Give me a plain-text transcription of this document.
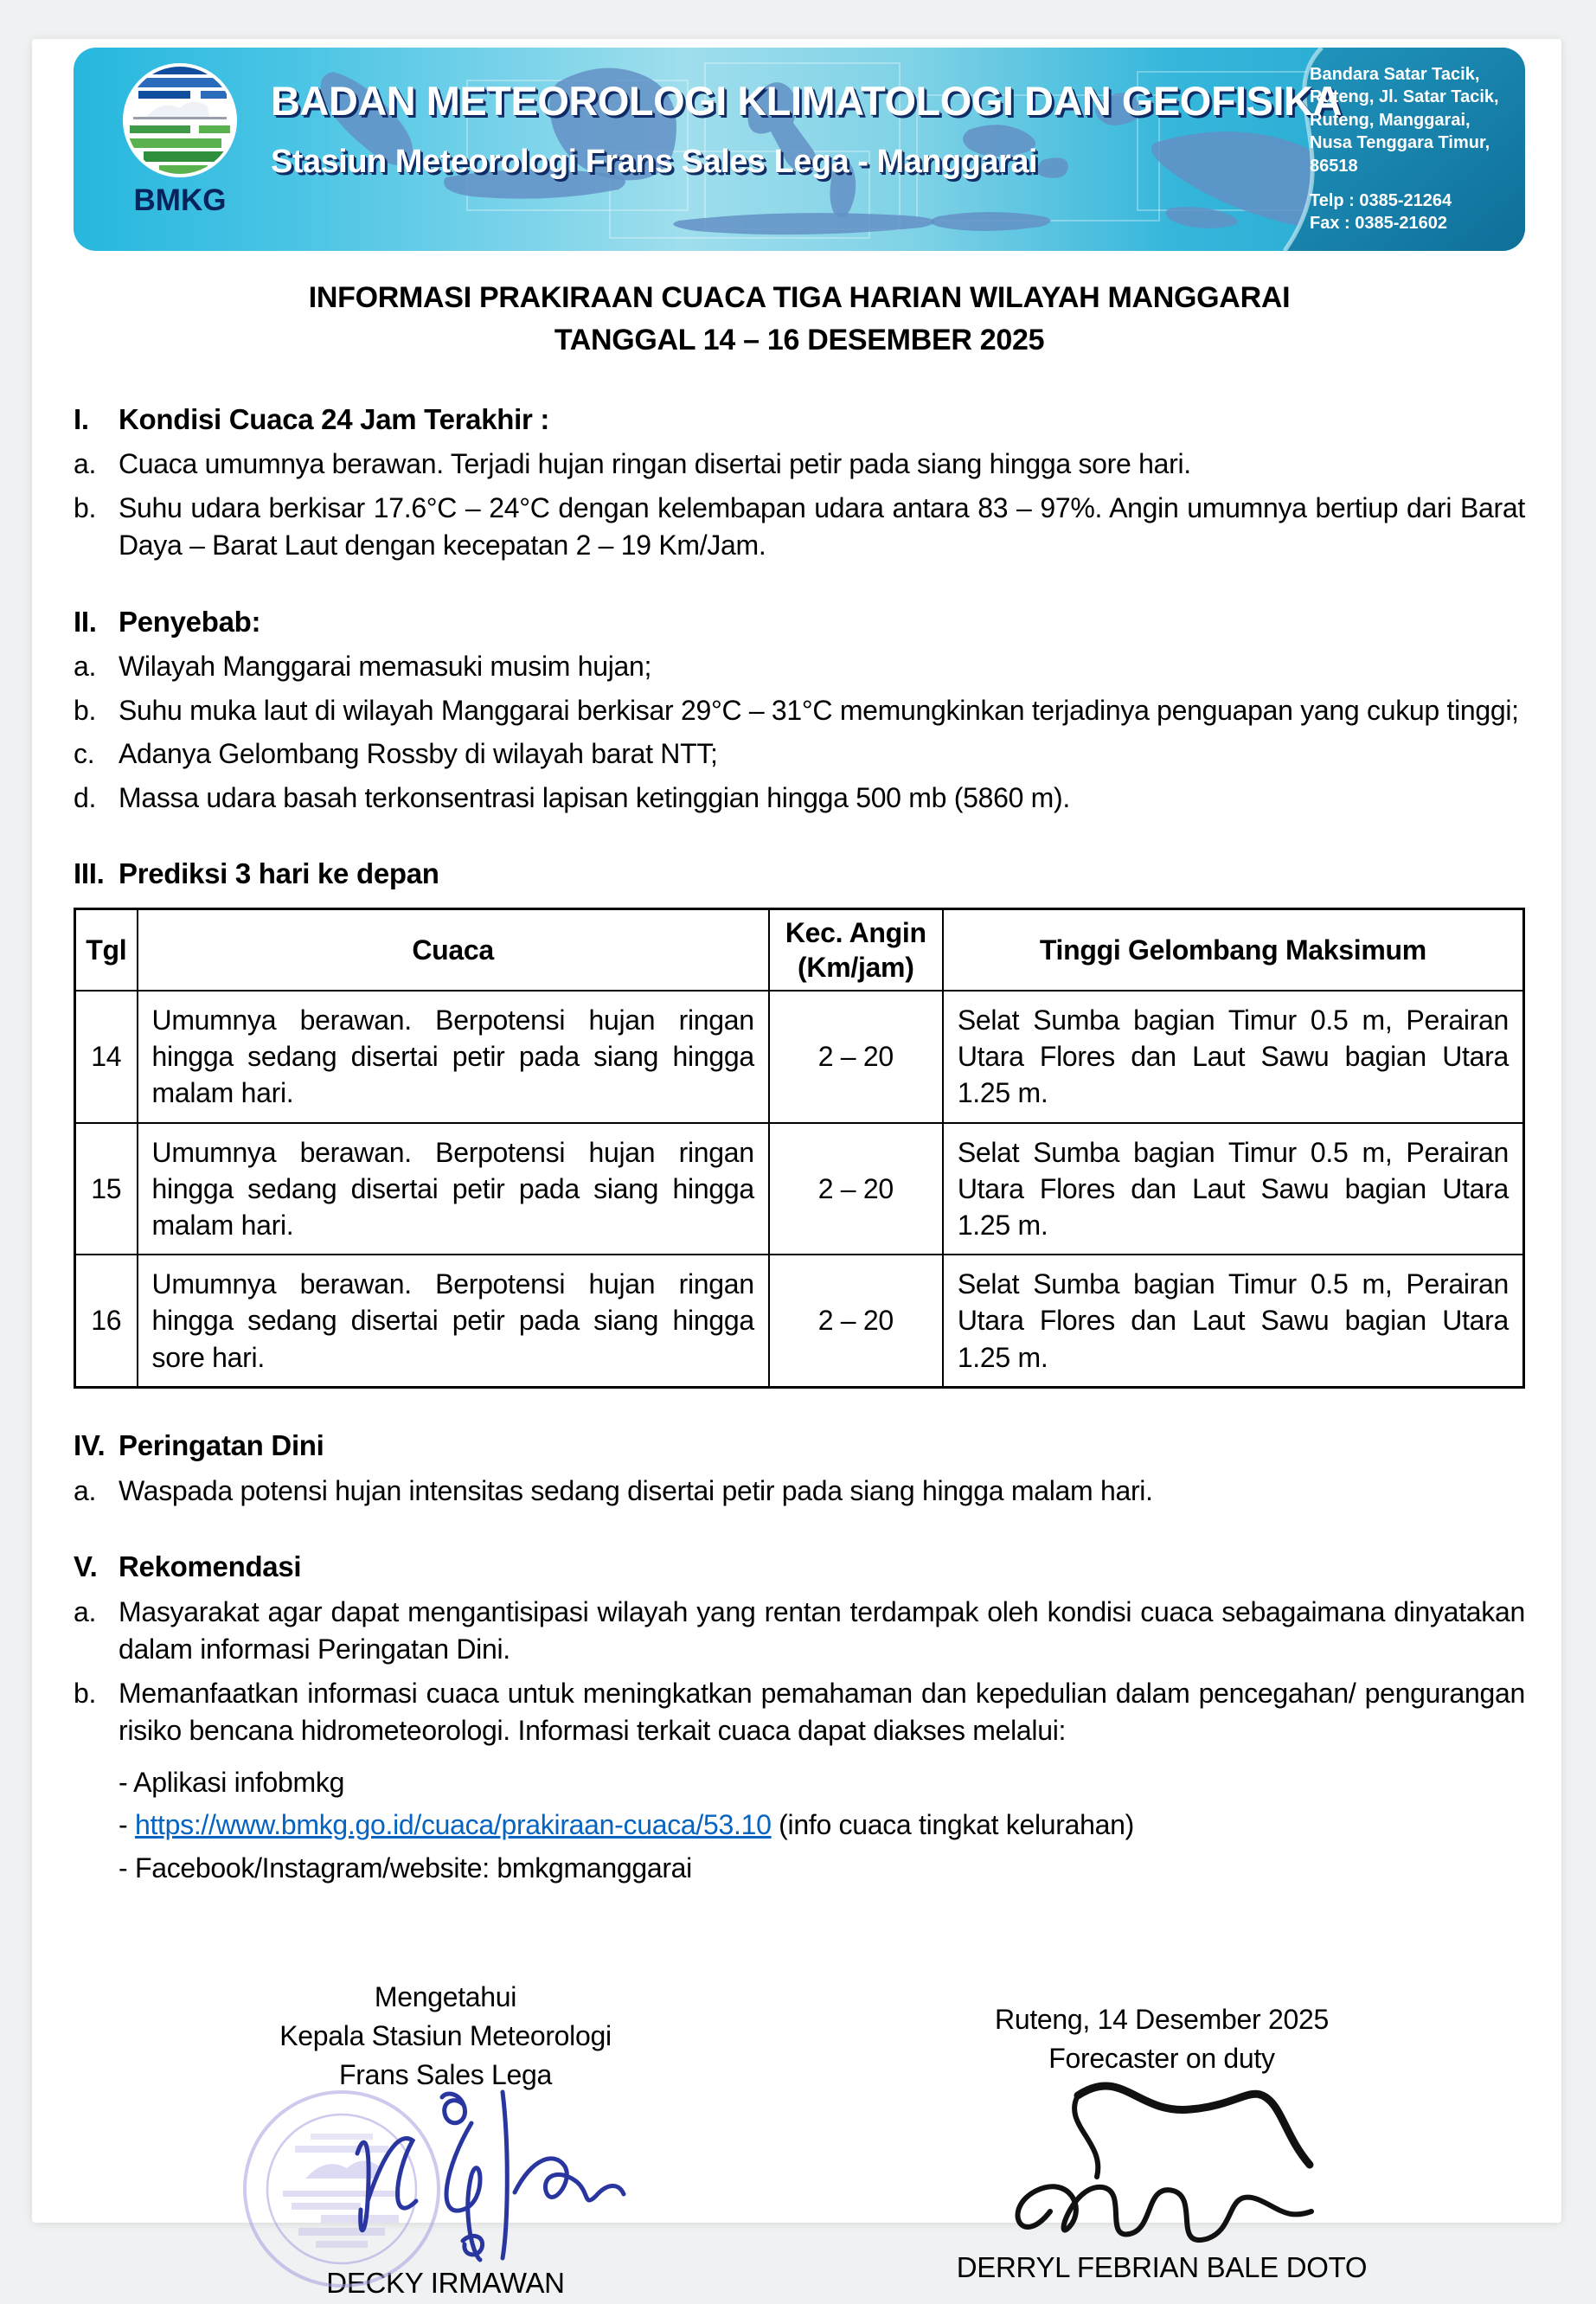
Bandara Satar Tacik,
Ruteng, Jl. Satar Tacik,
Ruteng, Manggarai,
Nusa Tenggara Timur,
86518
Telp : 0385-21264
Fax : 0385-21602
BMKG
BADAN METEOROLOGI KLIMATOLOGI DAN GEOFISIKA
Stasiun Meteorologi Frans Sales Lega - Manggarai
INFORMASI PRAKIRAAN CUACA TIGA HARIAN WILAYAH MANGGARAI
TANGGAL 14 – 16 DESEMBER 2025
I.	Kondisi Cuaca 24 Jam Terakhir :
a. Cuaca umumnya berawan. Terjadi hujan ringan disertai petir pada siang hingga sore hari.
b. Suhu udara berkisar 17.6°C – 24°C dengan kelembapan udara antara 83 – 97%. Angin umumnya bertiup dari Barat Daya – Barat Laut dengan kecepatan 2 – 19 Km/Jam.
II. Penyebab:
a. Wilayah Manggarai memasuki musim hujan;
b. Suhu muka laut di wilayah Manggarai berkisar 29°C – 31°C memungkinkan terjadinya penguapan yang cukup tinggi;
c. Adanya Gelombang Rossby di wilayah barat NTT;
d. Massa udara basah terkonsentrasi lapisan ketinggian hingga 500 mb (5860 m).
III. Prediksi 3 hari ke depan
Tgl	Cuaca	Kec. Angin
(Km/jam)	Tinggi Gelombang Maksimum
14	Umumnya berawan. Berpotensi hujan ringan hingga sedang disertai petir pada siang hingga malam hari.	2 – 20	Selat Sumba bagian Timur 0.5 m, Perairan Utara Flores dan Laut Sawu bagian Utara 1.25 m.
15	Umumnya berawan. Berpotensi hujan ringan hingga sedang disertai petir pada siang hingga malam hari.	2 – 20	Selat Sumba bagian Timur 0.5 m, Perairan Utara Flores dan Laut Sawu bagian Utara 1.25 m.
16	Umumnya berawan. Berpotensi hujan ringan hingga sedang disertai petir pada siang hingga sore hari.	2 – 20	Selat Sumba bagian Timur 0.5 m, Perairan Utara Flores dan Laut Sawu bagian Utara 1.25 m.
IV. Peringatan Dini
a. Waspada potensi hujan intensitas sedang disertai petir pada siang hingga malam hari.
V. Rekomendasi
a. Masyarakat agar dapat mengantisipasi wilayah yang rentan terdampak oleh kondisi cuaca sebagaimana dinyatakan dalam informasi Peringatan Dini.
b. Memanfaatkan informasi cuaca untuk meningkatkan pemahaman dan kepedulian dalam pencegahan/ pengurangan risiko bencana hidrometeorologi. Informasi terkait cuaca dapat diakses melalui:
- Aplikasi infobmkg
- https://www.bmkg.go.id/cuaca/prakiraan-cuaca/53.10 (info cuaca tingkat kelurahan)
- Facebook/Instagram/website: bmkgmanggarai
Mengetahui
Kepala Stasiun Meteorologi
Frans Sales Lega
DECKY IRMAWAN
Ruteng, 14 Desember 2025
Forecaster on duty
DERRYL FEBRIAN BALE DOTO
